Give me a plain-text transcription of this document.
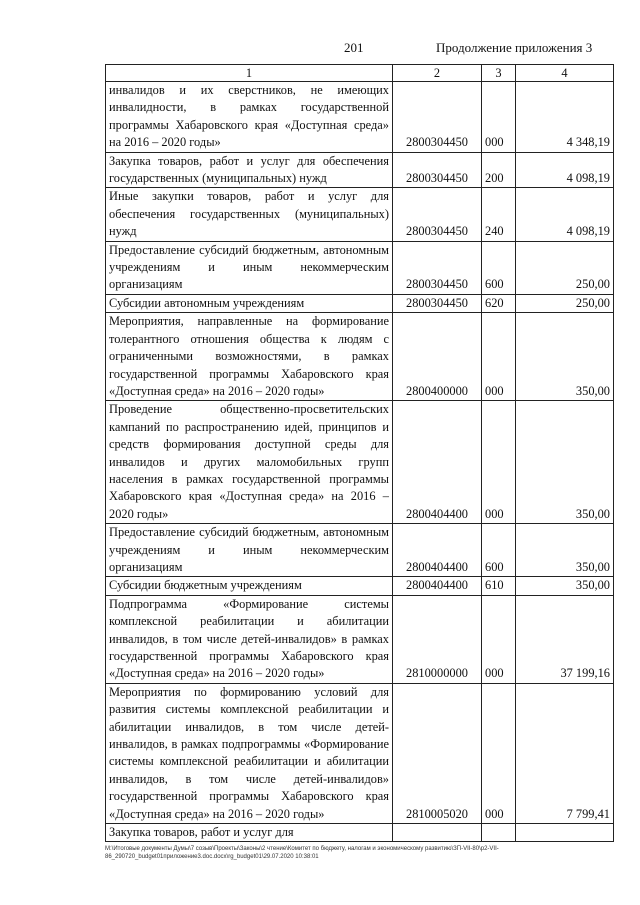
201	Продолжение приложения 3
1	2	3	4
инвалидов и их сверстников, не имеющих инвалидности, в рамках государственной программы Хабаровского края «Доступная среда» на 2016 – 2020 годы»	2800304450	000	4 348,19
Закупка товаров, работ и услуг для обеспечения государственных (муниципальных) нужд	2800304450	200	4 098,19
Иные закупки товаров, работ и услуг для обеспечения государственных (муниципальных) нужд	2800304450	240	4 098,19
Предоставление субсидий бюджетным, автономным учреждениям и иным некоммерческим организациям	2800304450	600	250,00
Субсидии автономным учреждениям	2800304450	620	250,00
Мероприятия, направленные на формирование толерантного отношения общества к людям с ограниченными возможностями, в рамках государственной программы Хабаровского края «Доступная среда» на 2016 – 2020 годы»	2800400000	000	350,00
Проведение общественно-просветительских кампаний по распространению идей, принципов и средств формирования доступной среды для инвалидов и других маломобильных групп населения в рамках государственной программы Хабаровского края «Доступная среда» на 2016 – 2020 годы»	2800404400	000	350,00
Предоставление субсидий бюджетным, автономным учреждениям и иным некоммерческим организациям	2800404400	600	350,00
Субсидии бюджетным учреждениям	2800404400	610	350,00
Подпрограмма «Формирование системы комплексной реабилитации и абилитации инвалидов, в том числе детей-инвалидов» в рамках государственной программы Хабаровского края «Доступная среда» на 2016 – 2020 годы»	2810000000	000	37 199,16
Мероприятия по формированию условий для развития системы комплексной реабилитации и абилитации инвалидов, в том числе детей-инвалидов, в рамках подпрограммы «Формирование системы комплексной реабилитации и абилитации инвалидов, в том числе детей-инвалидов» государственной программы Хабаровского края «Доступная среда» на 2016 – 2020 годы»	2810005020	000	7 799,41
Закупка товаров, работ и услуг для			
M:\Итоговые документы Думы\7 созыв\Проекты\Законы\2 чтение\Комитет по бюджету, налогам и экономическому развитию\ЗП-VII-80\р2-VII-86_290720_budget01приложение3.doc.docx\rg_budget01\29.07.2020 10:38:01
